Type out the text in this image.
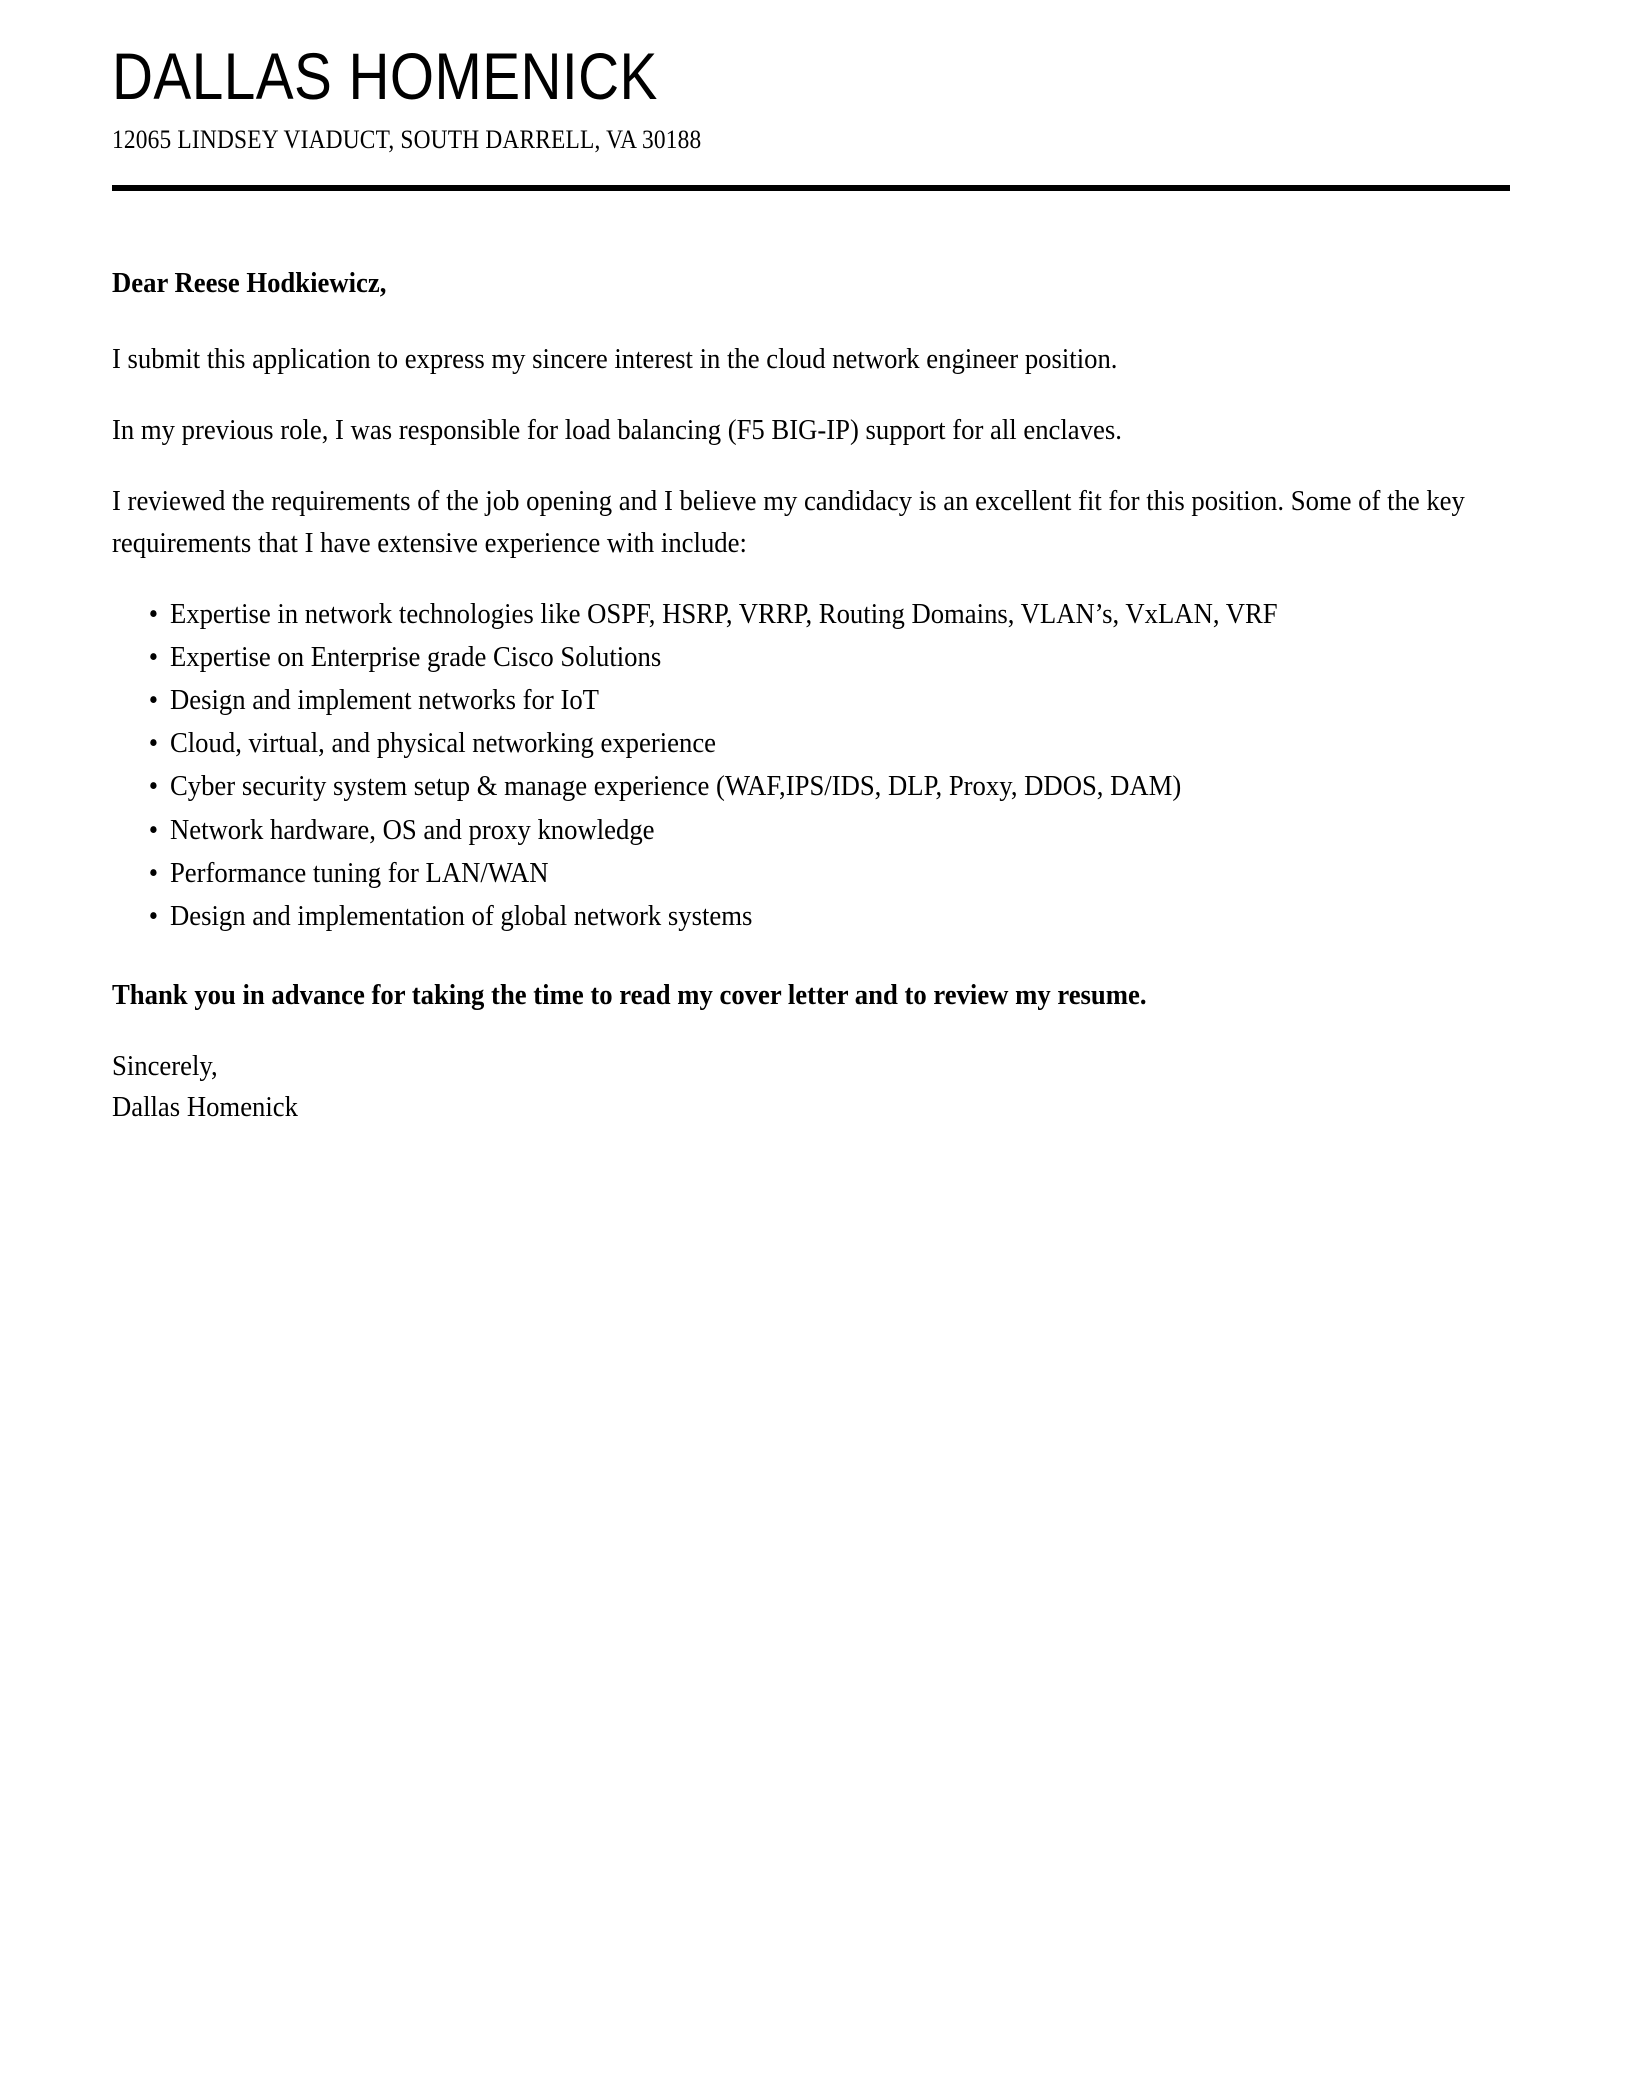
DALLAS HOMENICK
12065 LINDSEY VIADUCT, SOUTH DARRELL, VA 30188

Dear Reese Hodkiewicz,

I submit this application to express my sincere interest in the cloud network engineer position.

In my previous role, I was responsible for load balancing (F5 BIG-IP) support for all enclaves.

I reviewed the requirements of the job opening and I believe my candidacy is an excellent fit for this position. Some of the key requirements that I have extensive experience with include:

• Expertise in network technologies like OSPF, HSRP, VRRP, Routing Domains, VLAN’s, VxLAN, VRF
• Expertise on Enterprise grade Cisco Solutions
• Design and implement networks for IoT
• Cloud, virtual, and physical networking experience
• Cyber security system setup & manage experience (WAF,IPS/IDS, DLP, Proxy, DDOS, DAM)
• Network hardware, OS and proxy knowledge
• Performance tuning for LAN/WAN
• Design and implementation of global network systems

Thank you in advance for taking the time to read my cover letter and to review my resume.

Sincerely,
Dallas Homenick
